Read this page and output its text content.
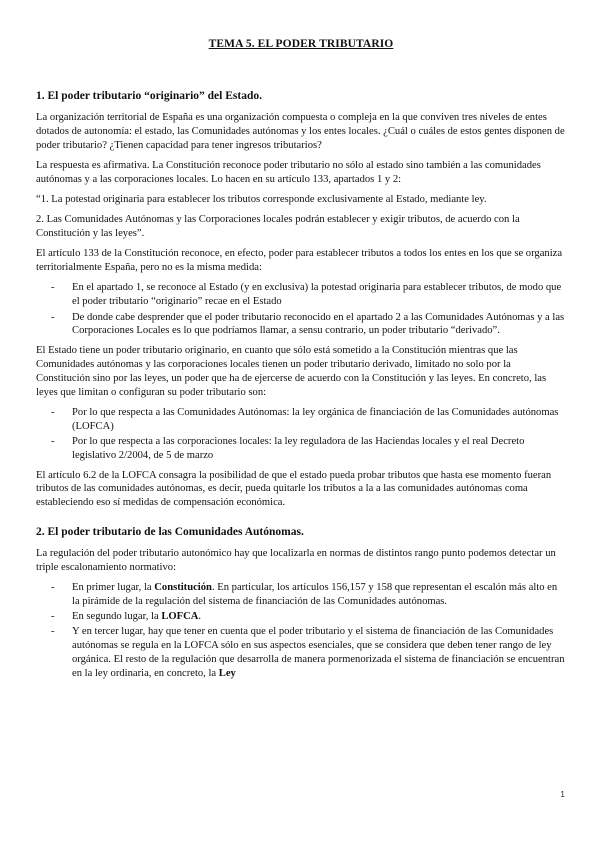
TEMA 5. EL PODER TRIBUTARIO
1. El poder tributario “originario” del Estado.

La organización territorial de España es una organización compuesta o compleja en la que conviven tres niveles de entes dotados de autonomía: el estado, las Comunidades autónomas y los entes locales. ¿Cuál o cuáles de estos gentes disponen de poder tributario? ¿Tienen capacidad para tener ingresos tributarios?

La respuesta es afirmativa. La Constitución reconoce poder tributario no sólo al estado sino también a las comunidades autónomas y a las corporaciones locales. Lo hacen en su artículo 133, apartados 1 y 2:

“1. La potestad originaria para establecer los tributos corresponde exclusivamente al Estado, mediante ley.

2. Las Comunidades Autónomas y las Corporaciones locales podrán establecer y exigir tributos, de acuerdo con la Constitución y las leyes”.

El artículo 133 de la Constitución reconoce, en efecto, poder para establecer tributos a todos los entes en los que se organiza territorialmente España, pero no es la misma medida:

- En el apartado 1, se reconoce al Estado (y en exclusiva) la potestad originaria para establecer tributos, de modo que el poder tributario “originario” recae en el Estado
- De donde cabe desprender que el poder tributario reconocido en el apartado 2 a las Comunidades Autónomas y a las Corporaciones Locales es lo que podríamos llamar, a sensu contrario, un poder tributario “derivado”.

El Estado tiene un poder tributario originario, en cuanto que sólo está sometido a la Constitución mientras que las Comunidades autónomas y las corporaciones locales tienen un poder tributario derivado, limitado no solo por la Constitución sino por las leyes, un poder que ha de ejercerse de acuerdo con la Constitución y las leyes. En concreto, las leyes que limitan o configuran su poder tributario son:

- Por lo que respecta a las Comunidades Autónomas: la ley orgánica de financiación de las Comunidades autónomas (LOFCA)
- Por lo que respecta a las corporaciones locales: la ley reguladora de las Haciendas locales y el real Decreto legislativo 2/2004, de 5 de marzo

El artículo 6.2 de la LOFCA consagra la posibilidad de que el estado pueda probar tributos que hasta ese momento fueran tributos de las comunidades autónomas, es decir, pueda quitarle los tributos a la a las comunidades autónomas coma estableciendo eso sí medidas de compensación económica.

2. El poder tributario de las Comunidades Autónomas.

La regulación del poder tributario autonómico hay que localizarla en normas de distintos rango punto podemos detectar un triple escalonamiento normativo:

- En primer lugar, la Constitución. En particular, los artículos 156,157 y 158 que representan el escalón más alto en la pirámide de la regulación del sistema de financiación de las Comunidades autónomas.
- En segundo lugar, la LOFCA.
- Y en tercer lugar, hay que tener en cuenta que el poder tributario y el sistema de financiación de las Comunidades autónomas se regula en la LOFCA sólo en sus aspectos esenciales, que se considera que deben tener rango de ley orgánica. El resto de la regulación que desarrolla de manera pormenorizada el sistema de financiación se encuentran en la ley ordinaria, en concreto, la Ley
1
